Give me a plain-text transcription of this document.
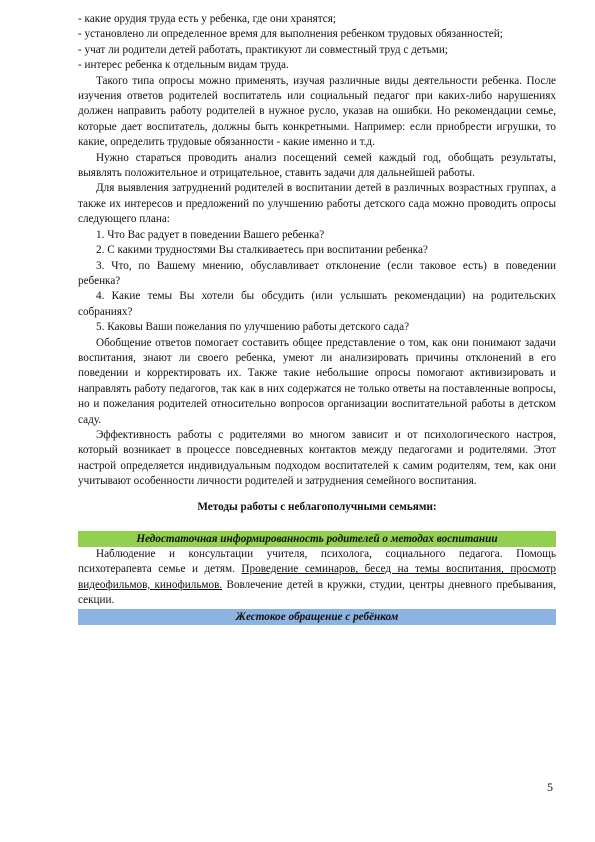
- какие орудия труда есть у ребенка, где они хранятся;

- установлено ли определенное время для выполнения ребенком трудовых обязанностей;

- учат ли родители детей работать, практикуют ли совместный труд с детьми;

- интерес ребенка к отдельным видам труда.

Такого типа опросы можно применять, изучая различные виды деятельности ребенка. После изучения ответов родителей воспитатель или социальный педагог при каких-либо нарушениях должен направить работу родителей в нужное русло, указав на ошибки. Но рекомендации семье, которые дает воспитатель, должны быть конкретными. Например: если приобрести игрушки, то какие, определить трудовые обязанности - какие именно и т.д.

Нужно стараться проводить анализ посещений семей каждый год, обобщать результаты, выявлять положительное и отрицательное, ставить задачи для дальнейшей работы.

Для выявления затруднений родителей в воспитании детей в различных возрастных группах, а также их интересов и предложений по улучшению работы детского сада можно проводить опросы следующего плана:

1. Что Вас радует в поведении Вашего ребенка?

2. С какими трудностями Вы сталкиваетесь при воспитании ребенка?

3. Что, по Вашему мнению, обуславливает отклонение (если таковое есть) в поведении ребенка?

4. Какие темы Вы хотели бы обсудить (или услышать рекомендации) на родительских собраниях?

5. Каковы Ваши пожелания по улучшению работы детского сада?

Обобщение ответов помогает составить общее представление о том, как они понимают задачи воспитания, знают ли своего ребенка, умеют ли анализировать причины отклонений в его поведении и корректировать их. Также такие небольшие опросы помогают активизировать и направлять работу педагогов, так как в них содержатся не только ответы на поставленные вопросы, но и пожелания родителей относительно вопросов организации воспитательной работы в детском саду.

Эффективность работы с родителями во многом зависит и от психологического настроя, который возникает в процессе повседневных контактов между педагогами и родителями. Этот настрой определяется индивидуальным подходом воспитателей к самим родителям, тем, как они учитывают особенности личности родителей и затруднения семейного воспитания.

Методы работы с неблагополучными семьями:

Недостаточная информированность родителей о методах воспитании

Наблюдение и консультации учителя, психолога, социального педагога. Помощь психотерапевта семье и детям. Проведение семинаров, бесед на темы воспитания, просмотр видеофильмов, кинофильмов. Вовлечение детей в кружки, студии, центры дневного пребывания, секции.

Жестокое обращение с ребёнком
5
